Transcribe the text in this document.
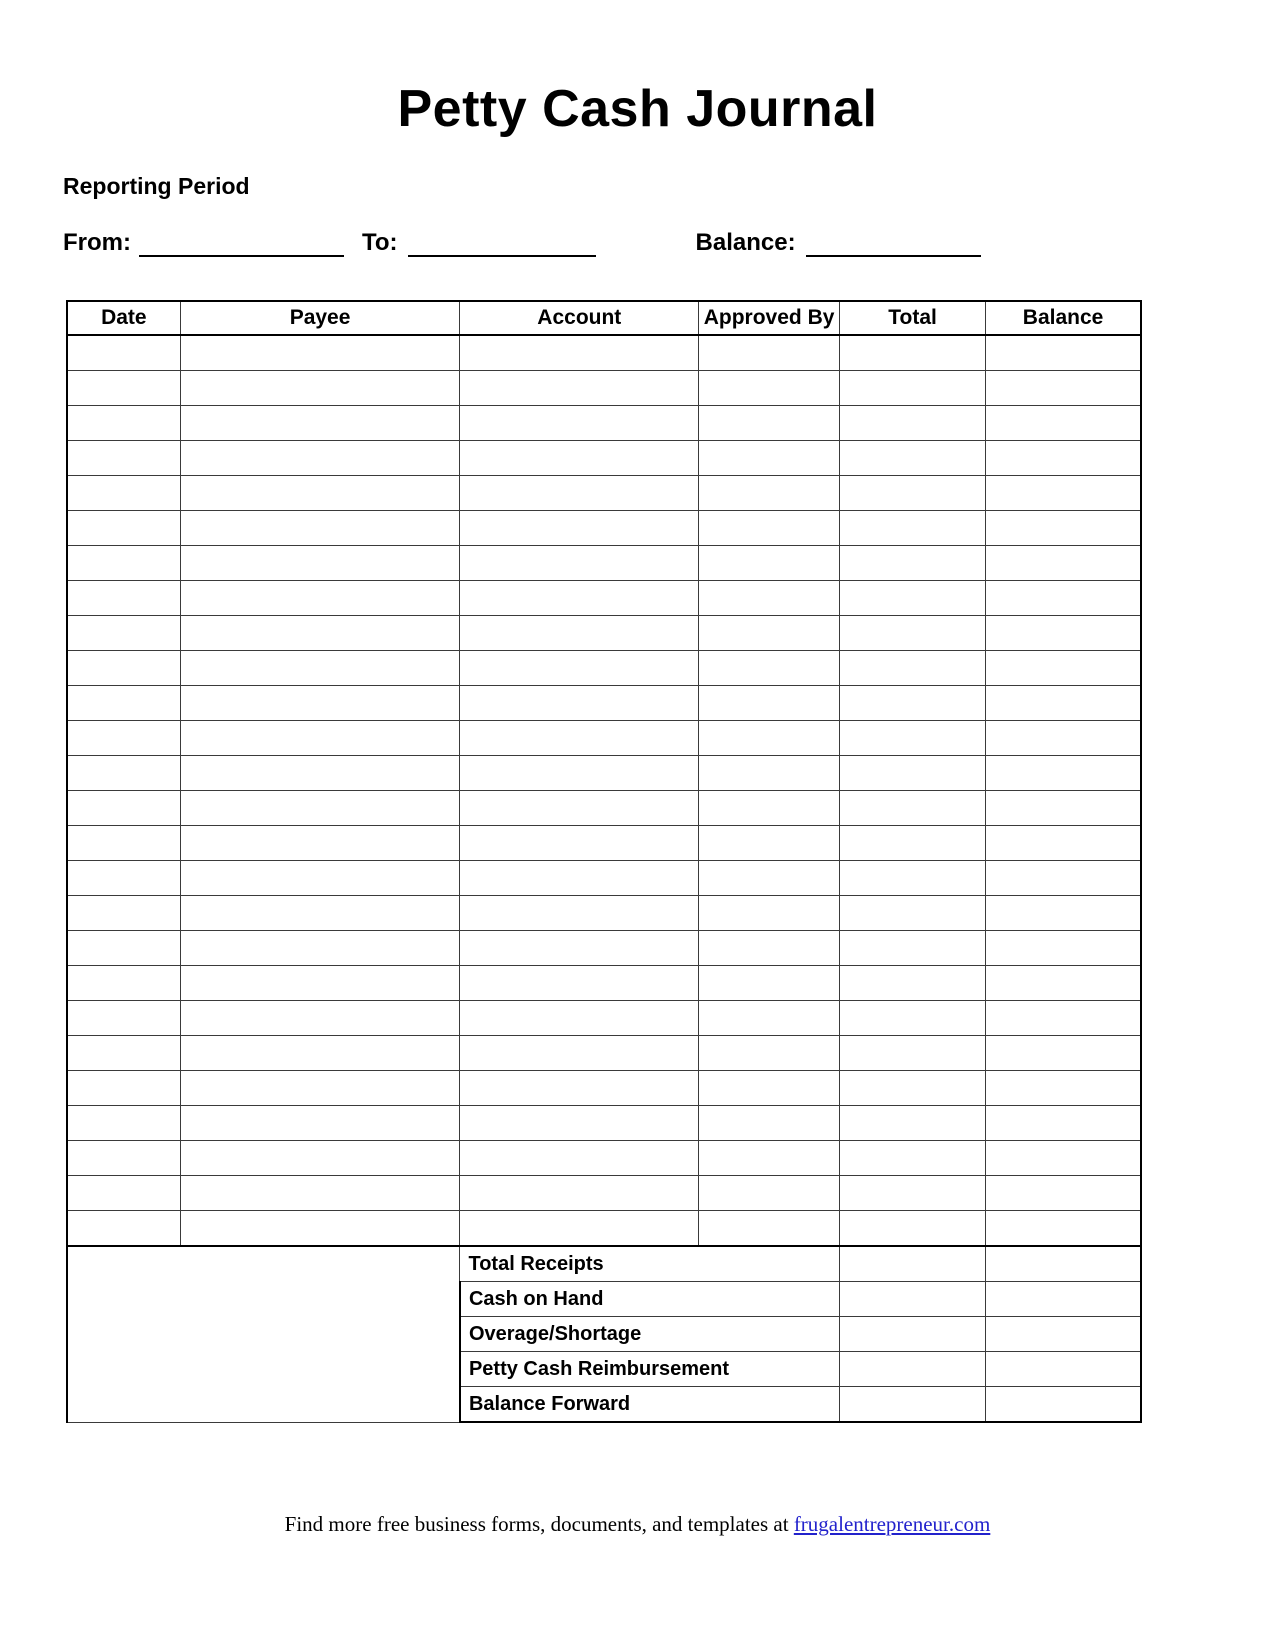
Petty Cash Journal
Reporting Period
From:	To:	Balance:
Date	Payee	Account	Approved By	Total	Balance

		Total Receipts			
		Cash on Hand			
		Overage/Shortage			
		Petty Cash Reimbursement			
		Balance Forward			
Find more free business forms, documents, and templates at frugalentrepreneur.com
